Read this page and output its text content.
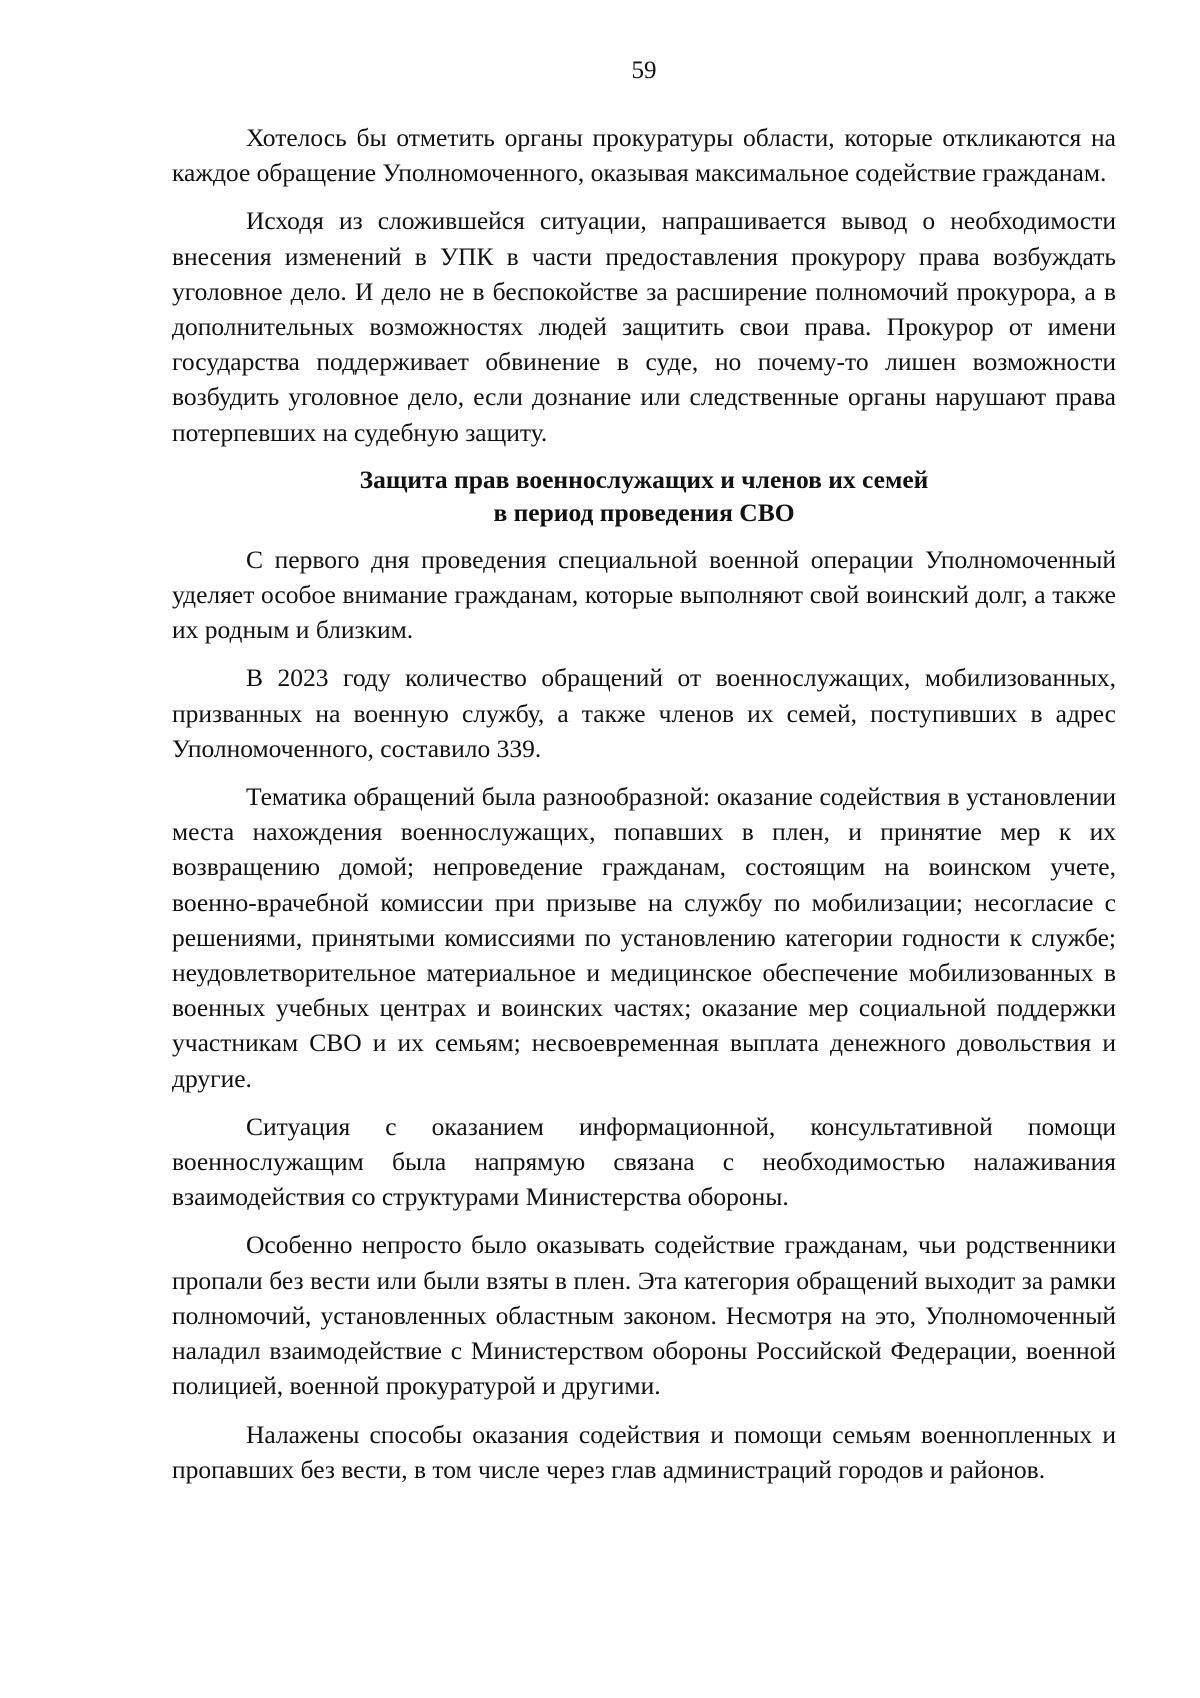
59

Хотелось бы отметить органы прокуратуры области, которые откликаются на каждое обращение Уполномоченного, оказывая максимальное содействие гражданам.

Исходя из сложившейся ситуации, напрашивается вывод о необходимости внесения изменений в УПК в части предоставления прокурору права возбуждать уголовное дело. И дело не в беспокойстве за расширение полномочий прокурора, а в дополнительных возможностях людей защитить свои права. Прокурор от имени государства поддерживает обвинение в суде, но почему-то лишен возможности возбудить уголовное дело, если дознание или следственные органы нарушают права потерпевших на судебную защиту.

Защита прав военнослужащих и членов их семей
в период проведения СВО

С первого дня проведения специальной военной операции Уполномоченный уделяет особое внимание гражданам, которые выполняют свой воинский долг, а также их родным и близким.

В 2023 году количество обращений от военнослужащих, мобилизованных, призванных на военную службу, а также членов их семей, поступивших в адрес Уполномоченного, составило 339.

Тематика обращений была разнообразной: оказание содействия в установлении места нахождения военнослужащих, попавших в плен, и принятие мер к их возвращению домой; непроведение гражданам, состоящим на воинском учете, военно-врачебной комиссии при призыве на службу по мобилизации; несогласие с решениями, принятыми комиссиями по установлению категории годности к службе; неудовлетворительное материальное и медицинское обеспечение мобилизованных в военных учебных центрах и воинских частях; оказание мер социальной поддержки участникам СВО и их семьям; несвоевременная выплата денежного довольствия и другие.

Ситуация с оказанием информационной, консультативной помощи военнослужащим была напрямую связана с необходимостью налаживания взаимодействия со структурами Министерства обороны.

Особенно непросто было оказывать содействие гражданам, чьи родственники пропали без вести или были взяты в плен. Эта категория обращений выходит за рамки полномочий, установленных областным законом. Несмотря на это, Уполномоченный наладил взаимодействие с Министерством обороны Российской Федерации, военной полицией, военной прокуратурой и другими.

Налажены способы оказания содействия и помощи семьям военнопленных и пропавших без вести, в том числе через глав администраций городов и районов.
